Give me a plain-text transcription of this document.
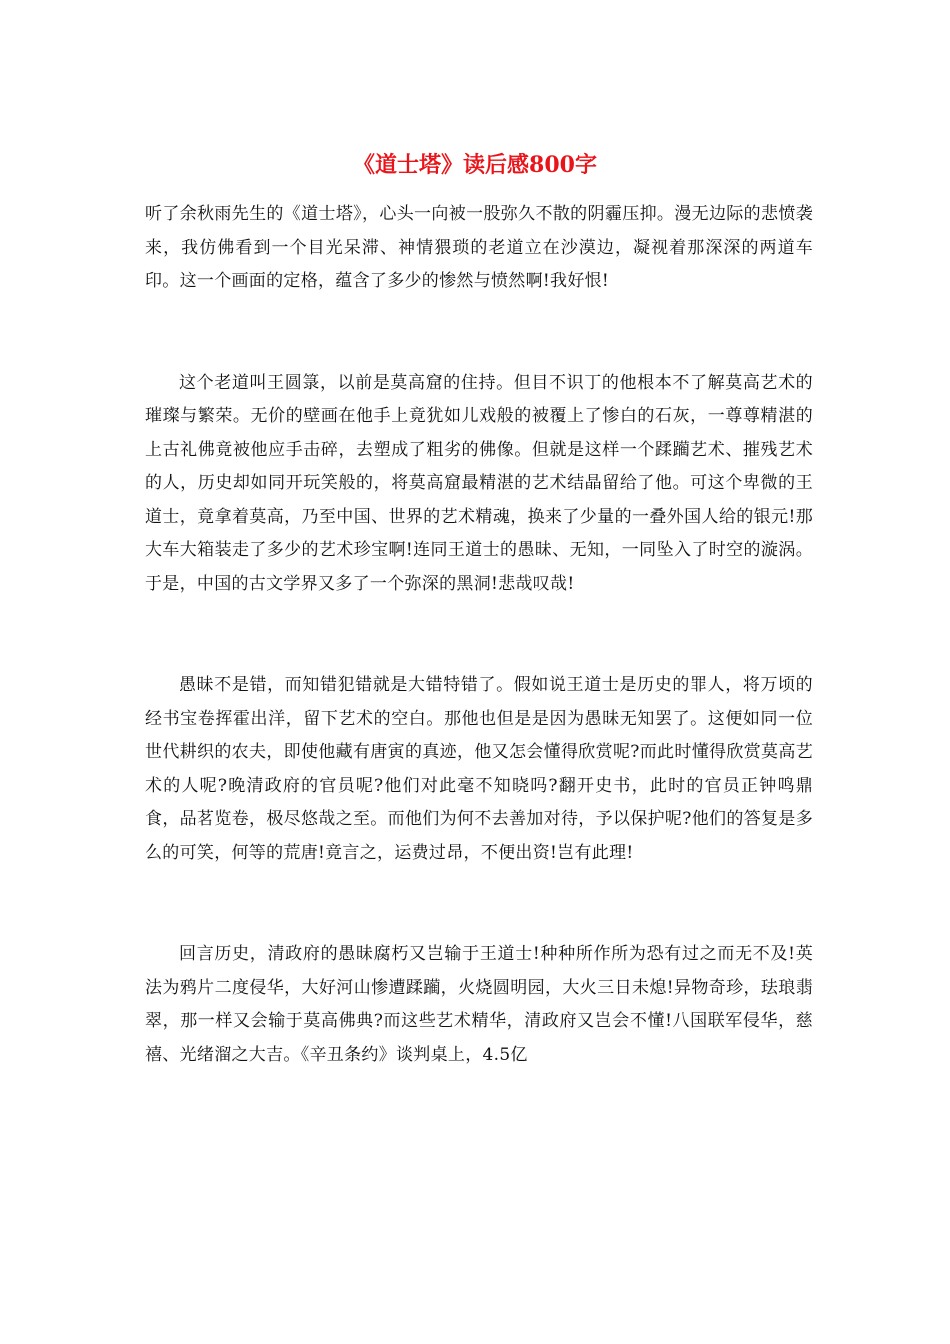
《道士塔》读后感800字

听了余秋雨先生的《道士塔》，心头一向被一股弥久不散的阴霾压抑。漫无边际的悲愤袭来，我仿佛看到一个目光呆滞、神情猥琐的老道立在沙漠边，凝视着那深深的两道车印。这一个画面的定格，蕴含了多少的惨然与愤然啊!我好恨!

这个老道叫王圆箓，以前是莫高窟的住持。但目不识丁的他根本不了解莫高艺术的璀璨与繁荣。无价的壁画在他手上竟犹如儿戏般的被覆上了惨白的石灰，一尊尊精湛的上古礼佛竟被他应手击碎，去塑成了粗劣的佛像。但就是这样一个蹂躏艺术、摧残艺术的人，历史却如同开玩笑般的，将莫高窟最精湛的艺术结晶留给了他。可这个卑微的王道士，竟拿着莫高，乃至中国、世界的艺术精魂，换来了少量的一叠外国人给的银元!那大车大箱装走了多少的艺术珍宝啊!连同王道士的愚昧、无知，一同坠入了时空的漩涡。于是，中国的古文学界又多了一个弥深的黑洞!悲哉叹哉!

愚昧不是错，而知错犯错就是大错特错了。假如说王道士是历史的罪人，将万顷的经书宝卷挥霍出洋，留下艺术的空白。那他也但是是因为愚昧无知罢了。这便如同一位世代耕织的农夫，即使他藏有唐寅的真迹，他又怎会懂得欣赏呢?而此时懂得欣赏莫高艺术的人呢?晚清政府的官员呢?他们对此毫不知晓吗?翻开史书，此时的官员正钟鸣鼎食，品茗览卷，极尽悠哉之至。而他们为何不去善加对待，予以保护呢?他们的答复是多么的可笑，何等的荒唐!竟言之，运费过昂，不便出资!岂有此理!

回言历史，清政府的愚昧腐朽又岂输于王道士!种种所作所为恐有过之而无不及!英法为鸦片二度侵华，大好河山惨遭蹂躏，火烧圆明园，大火三日未熄!异物奇珍，珐琅翡翠，那一样又会输于莫高佛典?而这些艺术精华，清政府又岂会不懂!八国联军侵华，慈禧、光绪溜之大吉。《辛丑条约》谈判桌上，4.5亿
